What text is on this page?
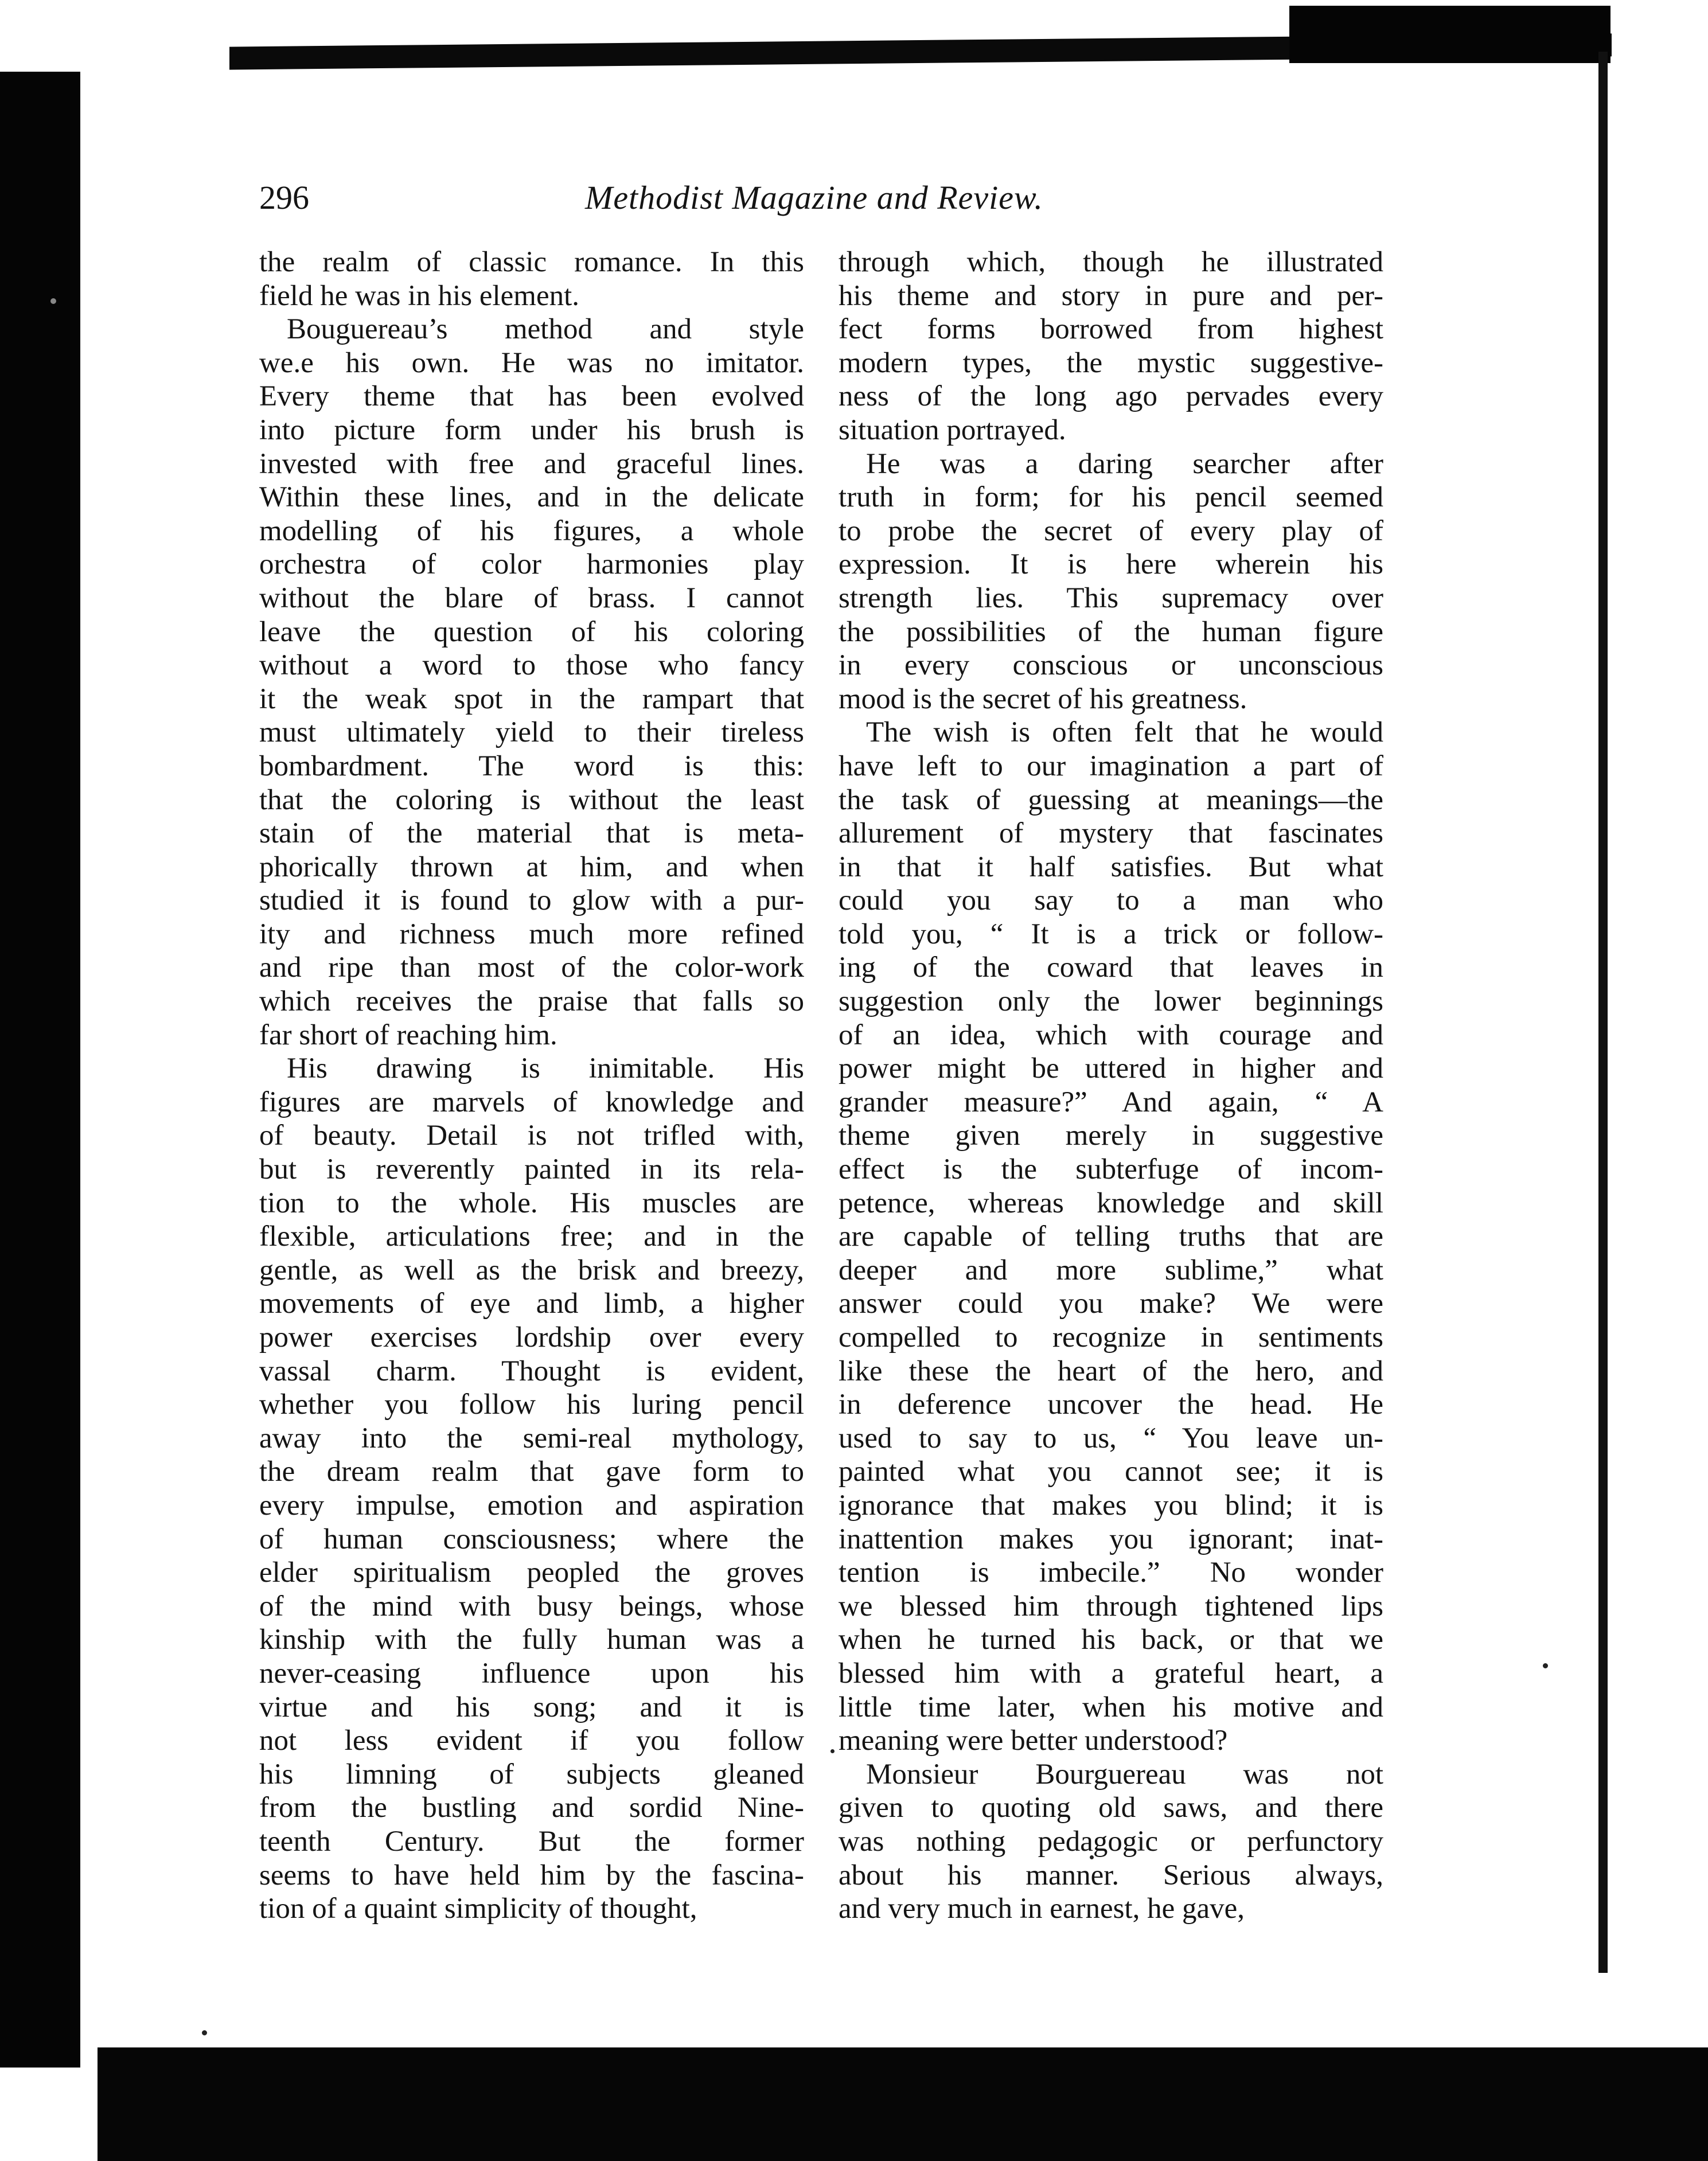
296	Methodist Magazine and Review.

the realm of classic romance. In this
field he was in his element.

Bouguereau’s method and style
we.e his own. He was no imitator.
Every theme that has been evolved
into picture form under his brush is
invested with free and graceful lines.
Within these lines, and in the delicate
modelling of his figures, a whole
orchestra of color harmonies play
without the blare of brass. I cannot
leave the question of his coloring
without a word to those who fancy
it the weak spot in the rampart that
must ultimately yield to their tireless
bombardment. The word is this:
that the coloring is without the least
stain of the material that is meta-
phorically thrown at him, and when
studied it is found to glow with a pur-
ity and richness much more refined
and ripe than most of the color-work
which receives the praise that falls so
far short of reaching him.

His drawing is inimitable. His
figures are marvels of knowledge and
of beauty. Detail is not trifled with,
but is reverently painted in its rela-
tion to the whole. His muscles are
flexible, articulations free; and in the
gentle, as well as the brisk and breezy,
movements of eye and limb, a higher
power exercises lordship over every
vassal charm. Thought is evident,
whether you follow his luring pencil
away into the semi-real mythology,
the dream realm that gave form to
every impulse, emotion and aspiration
of human consciousness; where the
elder spiritualism peopled the groves
of the mind with busy beings, whose
kinship with the fully human was a
never-ceasing influence upon his
virtue and his song; and it is
not less evident if you follow
his limning of subjects gleaned
from the bustling and sordid Nine-
teenth Century. But the former
seems to have held him by the fascina-
tion of a quaint simplicity of thought,

through which, though he illustrated
his theme and story in pure and per-
fect forms borrowed from highest
modern types, the mystic suggestive-
ness of the long ago pervades every
situation portrayed.

He was a daring searcher after
truth in form; for his pencil seemed
to probe the secret of every play of
expression. It is here wherein his
strength lies. This supremacy over
the possibilities of the human figure
in every conscious or unconscious
mood is the secret of his greatness.

The wish is often felt that he would
have left to our imagination a part of
the task of guessing at meanings—the
allurement of mystery that fascinates
in that it half satisfies. But what
could you say to a man who
told you, “ It is a trick or follow-
ing of the coward that leaves in
suggestion only the lower beginnings
of an idea, which with courage and
power might be uttered in higher and
grander measure?” And again, “ A
theme given merely in suggestive
effect is the subterfuge of incom-
petence, whereas knowledge and skill
are capable of telling truths that are
deeper and more sublime,” what
answer could you make? We were
compelled to recognize in sentiments
like these the heart of the hero, and
in deference uncover the head. He
used to say to us, “ You leave un-
painted what you cannot see; it is
ignorance that makes you blind; it is
inattention makes you ignorant; inat-
tention is imbecile.” No wonder
we blessed him through tightened lips
when he turned his back, or that we
blessed him with a grateful heart, a
little time later, when his motive and
meaning were better understood?

Monsieur Bourguereau was not
given to quoting old saws, and there
was nothing pedagogic or perfunctory
about his manner. Serious always,
and very much in earnest, he gave,
